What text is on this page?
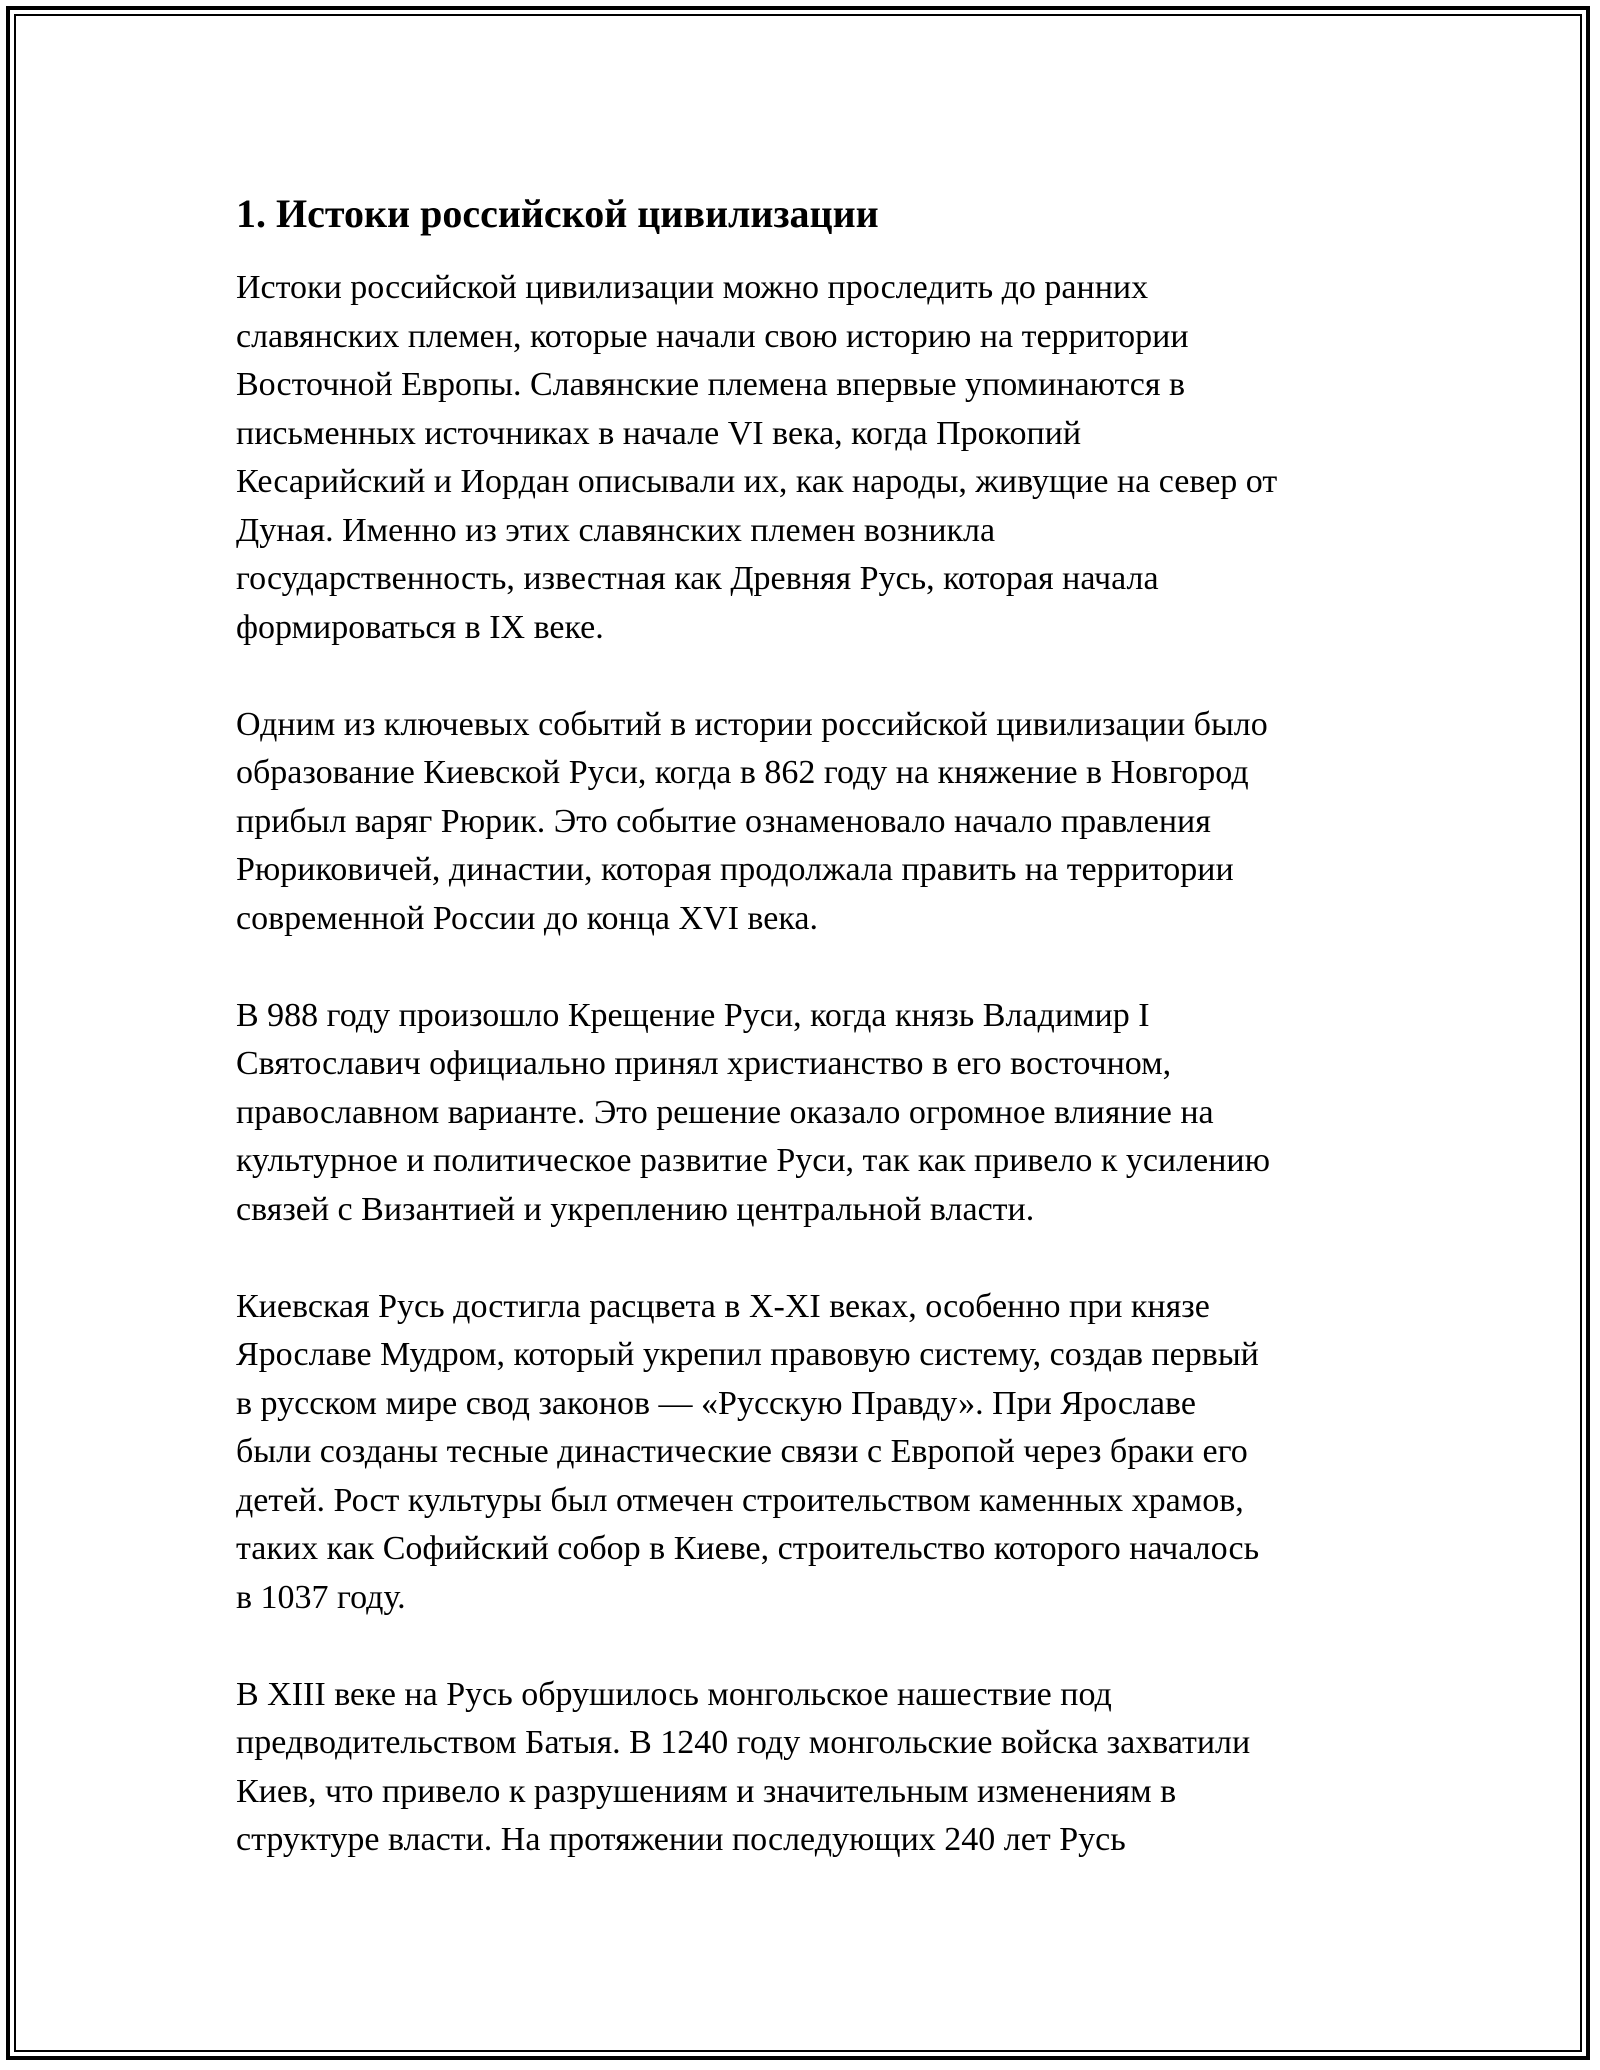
1. Истоки российской цивилизации
Истоки российской цивилизации можно проследить до ранних
славянских племен, которые начали свою историю на территории
Восточной Европы. Славянские племена впервые упоминаются в
письменных источниках в начале VI века, когда Прокопий
Кесарийский и Иордан описывали их, как народы, живущие на север от
Дуная. Именно из этих славянских племен возникла
государственность, известная как Древняя Русь, которая начала
формироваться в IX веке.
Одним из ключевых событий в истории российской цивилизации было
образование Киевской Руси, когда в 862 году на княжение в Новгород
прибыл варяг Рюрик. Это событие ознаменовало начало правления
Рюриковичей, династии, которая продолжала править на территории
современной России до конца XVI века.
В 988 году произошло Крещение Руси, когда князь Владимир I
Святославич официально принял христианство в его восточном,
православном варианте. Это решение оказало огромное влияние на
культурное и политическое развитие Руси, так как привело к усилению
связей с Византией и укреплению центральной власти.
Киевская Русь достигла расцвета в X-XI веках, особенно при князе
Ярославе Мудром, который укрепил правовую систему, создав первый
в русском мире свод законов — «Русскую Правду». При Ярославе
были созданы тесные династические связи с Европой через браки его
детей. Рост культуры был отмечен строительством каменных храмов,
таких как Софийский собор в Киеве, строительство которого началось
в 1037 году.
В XIII веке на Русь обрушилось монгольское нашествие под
предводительством Батыя. В 1240 году монгольские войска захватили
Киев, что привело к разрушениям и значительным изменениям в
структуре власти. На протяжении последующих 240 лет Русь
